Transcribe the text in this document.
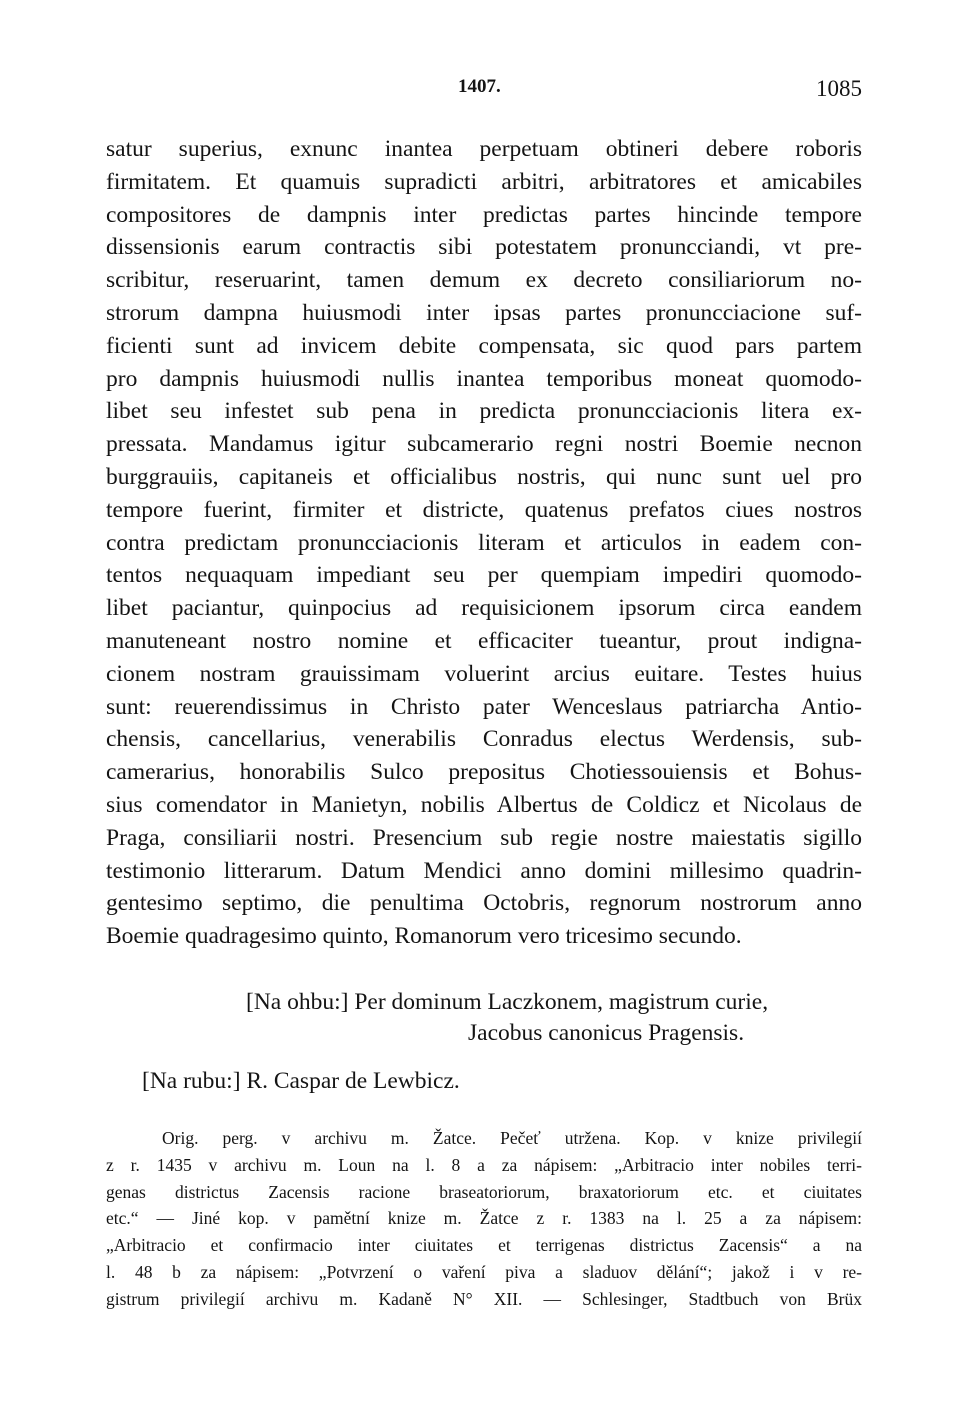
1407.	1085
satur superius, exnunc inantea perpetuam obtineri debere roboris
firmitatem. Et quamuis supradicti arbitri, arbitratores et amicabiles
compositores de dampnis inter predictas partes hincinde tempore
dissensionis earum contractis sibi potestatem pronuncciandi, vt pre-
scribitur, reseruarint, tamen demum ex decreto consiliariorum no-
strorum dampna huiusmodi inter ipsas partes pronuncciacione suf-
ficienti sunt ad invicem debite compensata, sic quod pars partem
pro dampnis huiusmodi nullis inantea temporibus moneat quomodo-
libet seu infestet sub pena in predicta pronuncciacionis litera ex-
pressata. Mandamus igitur subcamerario regni nostri Boemie necnon
burggrauiis, capitaneis et officialibus nostris, qui nunc sunt uel pro
tempore fuerint, firmiter et districte, quatenus prefatos ciues nostros
contra predictam pronuncciacionis literam et articulos in eadem con-
tentos nequaquam impediant seu per quempiam impediri quomodo-
libet paciantur, quinpocius ad requisicionem ipsorum circa eandem
manuteneant nostro nomine et efficaciter tueantur, prout indigna-
cionem nostram grauissimam voluerint arcius euitare. Testes huius
sunt: reuerendissimus in Christo pater Wenceslaus patriarcha Antio-
chensis, cancellarius, venerabilis Conradus electus Werdensis, sub-
camerarius, honorabilis Sulco prepositus Chotiessouiensis et Bohus-
sius comendator in Manietyn, nobilis Albertus de Coldicz et Nicolaus de
Praga, consiliarii nostri. Presencium sub regie nostre maiestatis sigillo
testimonio litterarum. Datum Mendici anno domini millesimo quadrin-
gentesimo septimo, die penultima Octobris, regnorum nostrorum anno
Boemie quadragesimo quinto, Romanorum vero tricesimo secundo.
[Na ohbu:] Per dominum Laczkonem, magistrum curie,
Jacobus canonicus Pragensis.
[Na rubu:] R. Caspar de Lewbicz.
Orig. perg. v archivu m. Žatce. Pečeť utržena. Kop. v knize privilegií
z r. 1435 v archivu m. Loun na l. 8 a za nápisem: „Arbitracio inter nobiles terri-
genas districtus Zacensis racione braseatoriorum, braxatoriorum etc. et ciuitates
etc.“ — Jiné kop. v pamětní knize m. Žatce z r. 1383 na l. 25 a za nápisem:
„Arbitracio et confirmacio inter ciuitates et terrigenas districtus Zacensis“ a na
l. 48 b za nápisem: „Potvrzení o vaření piva a sladuov dělání“; jakož i v re-
gistrum privilegií archivu m. Kadaně N° XII. — Schlesinger, Stadtbuch von Brüx
